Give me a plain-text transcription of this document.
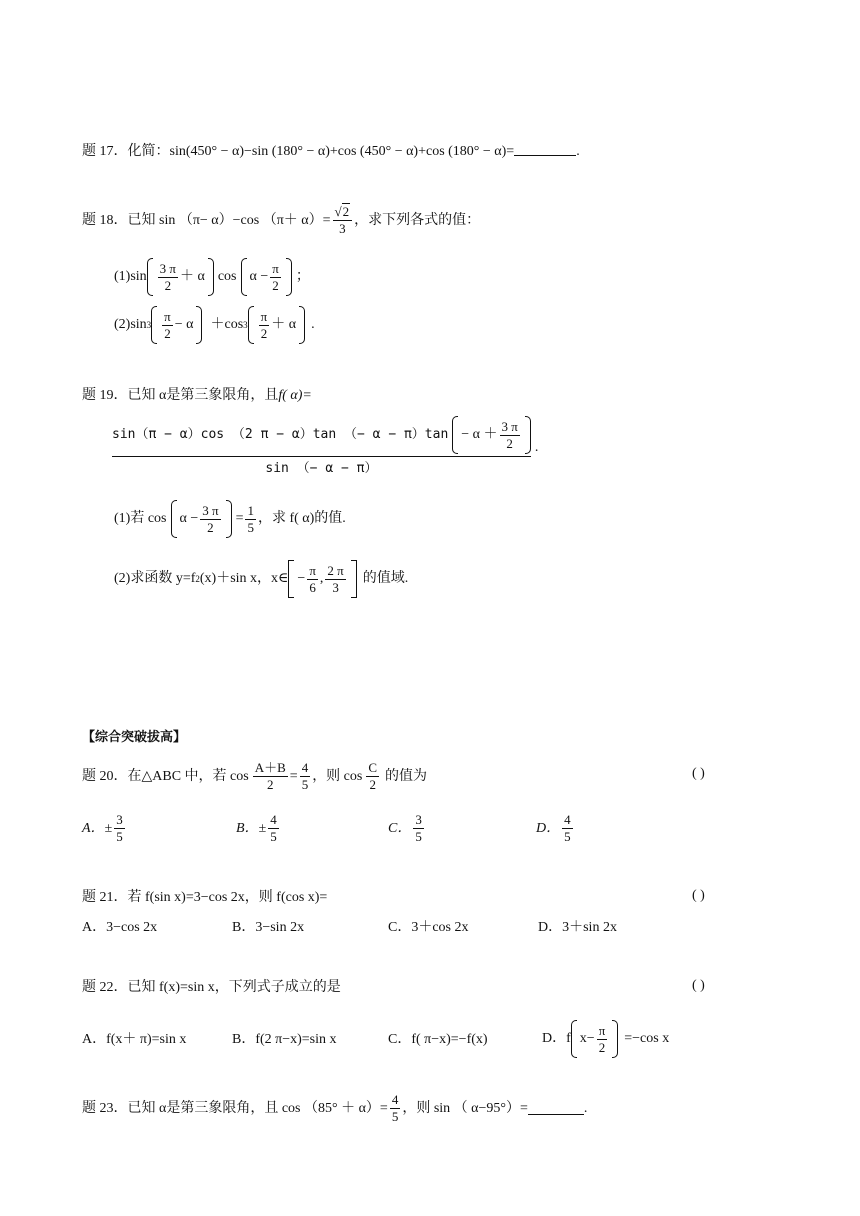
题 17．化简：sin(450° − α)−sin (180° − α)+cos (450° − α)+cos (180° − α)=	.
题 18．已知 sin （π− α）−cos $(\pi+ \alpha)= \frac{√2}{3}$ ，求下列各式的值：
$(1)\sin \frac{3 \pi}{2} + \alpha$ $\cos \alpha - \frac{\pi}{2}$ ；
(2)sin $3 \frac{\pi}{2} - \alpha +\cos$ $3 \frac{\pi}{2} + \alpha$ .
题 19．已知 α是第三象限角，且f( α)=
sin（π − α）cos （2 π − α）tan （− $\alpha - \pi)\tan - \alpha + \frac{3 \pi}{2}$
sin （− α − π）
.
(1)若 $\cos \alpha - \frac{3 \pi}{2} = \frac{1}{5}$ ，求 f( α)的值.
(2)求函数 y=f 2 (x)＋sin x，x∈ − $\frac{\pi}{6}$ , $\frac{2 \pi}{3}$ 的值域.
【综合突破拔高】
题 20．在△ABC 中，若 $\cos \frac{A+B}{2} = \frac{4}{5}$ ，则 $\cos \frac{C}{2}$ 的值为	( )
A．± $\frac{3}{5}$	B．± $\frac{4}{5}$	C． $\frac{3}{5}$	D． $\frac{4}{5}$
题 21．若 f(sin x)=3−cos 2x，则 f(cos x)=	( )
A．3−cos 2x	B．3−sin 2x	C．3＋cos 2x	D．3＋sin 2x
题 22．已知 f(x)=sin x，下列式子成立的是	( )
A．f(x＋ π)=sin x	B．f(2 π−x)=sin x	C．f( π−x)=−f(x)	D．f $x- \frac{\pi}{2} =-\cos$ x
题 23．已知 α是第三象限角，且 $\cos (85^\circ + \alpha)= \frac{4}{5}$ ，则 sin （ α−95°）=	.
